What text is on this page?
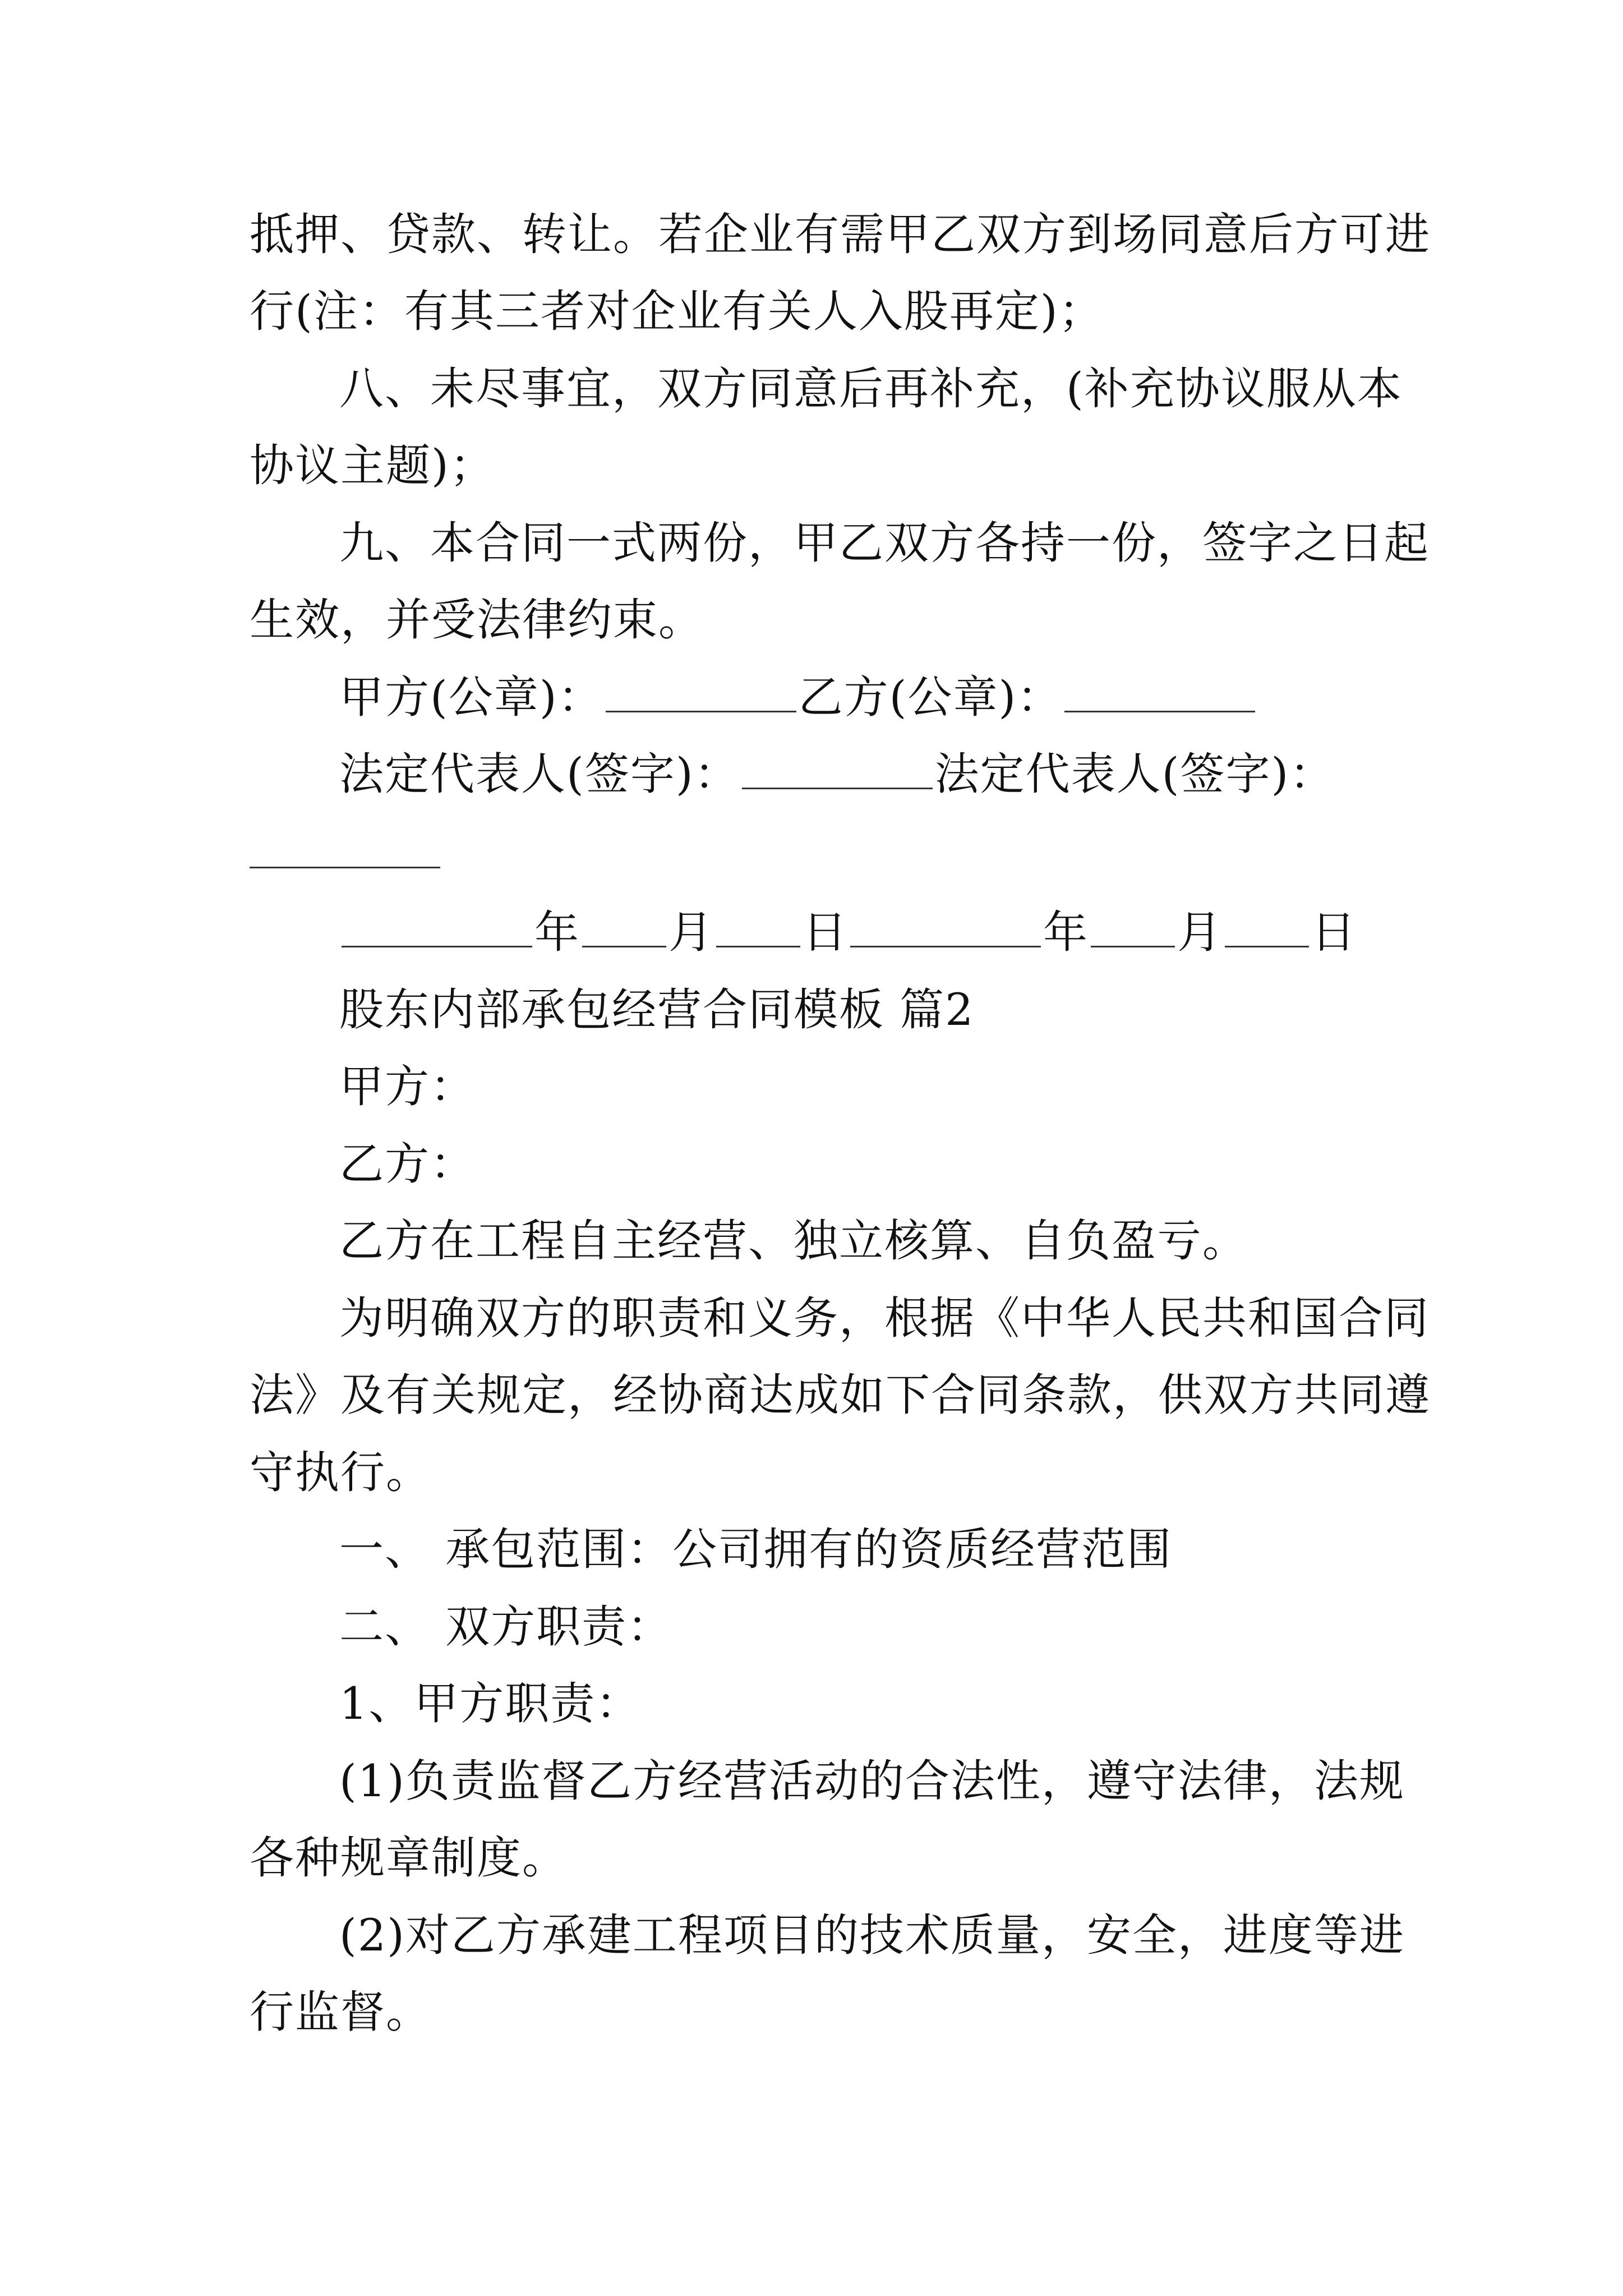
抵押、贷款、转让。若企业有需甲乙双方到场同意后方可进
行(注：有其三者对企业有关人入股再定)；
八、未尽事宜，双方同意后再补充，(补充协议服从本
协议主题)；
九、本合同一式两份，甲乙双方各持一份，签字之日起
生效，并受法律约束。
甲方(公章)：	乙方(公章)：
法定代表人(签字)：	法定代表人(签字)：
年 月 日	年 月 日
股东内部承包经营合同模板 篇2
甲方：
乙方：
乙方在工程自主经营、独立核算、自负盈亏。
为明确双方的职责和义务，根据《中华人民共和国合同
法》及有关规定，经协商达成如下合同条款，供双方共同遵
守执行。
一、 承包范围：公司拥有的资质经营范围
二、 双方职责：
1、甲方职责：
(1)负责监督乙方经营活动的合法性，遵守法律，法规
各种规章制度。
(2)对乙方承建工程项目的技术质量，安全，进度等进
行监督。
